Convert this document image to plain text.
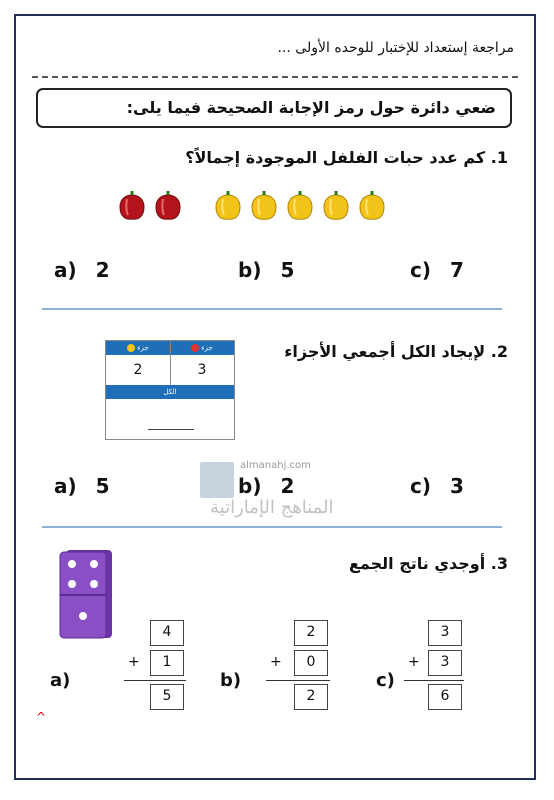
مراجعة إستعداد للإختبار للوحده الأولى ...
ضعي دائرة حول رمز الإجابة الصحيحة فيما يلى:
1. كم عدد حبات الفلفل الموجودة إجمالاً؟
a) 2	b) 5	c) 7
2. لإيجاد الكل أجمعي الأجزاء
جزء	جزء
2	3
الكل
almanahj.com
المناهج الإماراتية
a) 5	b) 2	c) 3
3. أوجدي ناتج الجمع
a)
4
+	1
5
b)
2
+	0
2
c)
3
+	3
6
^
